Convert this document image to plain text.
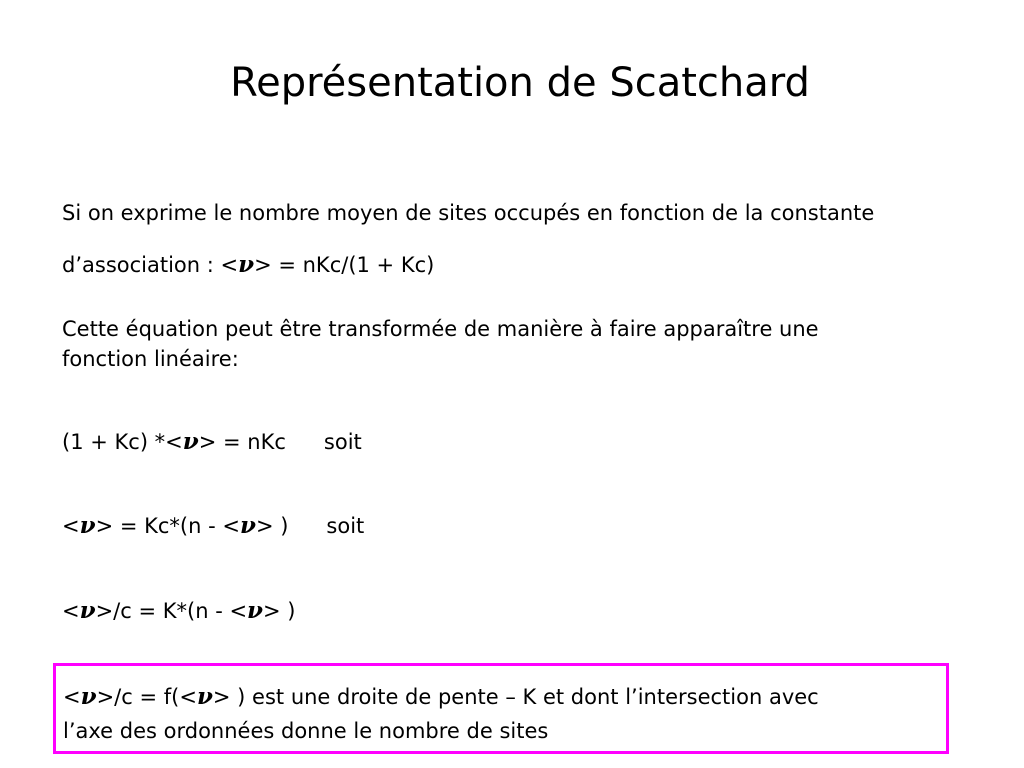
Représentation de Scatchard
Si on exprime le nombre moyen de sites occupés en fonction de la constante
d’association : <ν> = nKc/(1 + Kc)
Cette équation peut être transformée de manière à faire apparaître une
fonction linéaire:
(1 + Kc) *<ν> = nKc soit
<ν> = Kc*(n - <ν> ) soit
<ν>/c = K*(n - <ν> )
<ν>/c = f(<ν> ) est une droite de pente – K et dont l’intersection avec
l’axe des ordonnées donne le nombre de sites
